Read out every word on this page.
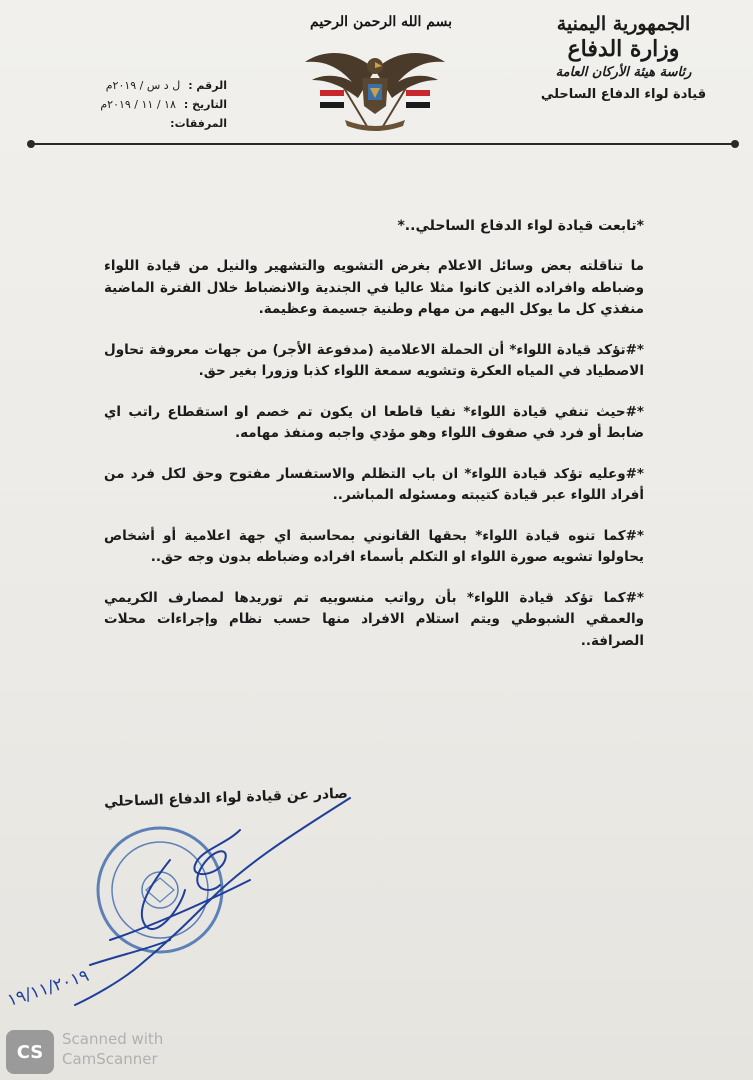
بسم الله الرحمن الرحيم	الجمهورية اليمنية
وزارة الدفاع
رئاسة هيئة الأركان العامة
قيادة لواء الدفاع الساحلي
الرقم :
ل د س / ٢٠١٩م
التاريخ :
١٨ / ١١ / ٢٠١٩م
المرفقات:
*تابعت قيادة لواء الدفاع الساحلي..*

ما تناقلته بعض وسائل الاعلام بغرض التشويه والتشهير والنيل من قيادة اللواء وضباطه وافراده الذين كانوا مثلا عاليا في الجندية والانضباط خلال الفترة الماضية منفذي كل ما يوكل اليهم من مهام وطنية جسيمة وعظيمة.

*#تؤكد قيادة اللواء* أن الحملة الاعلامية (مدفوعة الأجر) من جهات معروفة تحاول الاصطياد في المياه العكرة وتشويه سمعة اللواء كذبا وزورا بغير حق.

*#حيث تنفي قيادة اللواء* نفيا قاطعا ان يكون تم خصم او استقطاع راتب اي ضابط أو فرد في صفوف اللواء وهو مؤدي واجبه ومنفذ مهامه.

*#وعليه تؤكد قيادة اللواء* ان باب التظلم والاستفسار مفتوح وحق لكل فرد من أفراد اللواء عبر قيادة كتيبته ومسئوله المباشر..

*#كما تنوه قيادة اللواء* بحقها القانوني بمحاسبة اي جهة اعلامية أو أشخاص يحاولوا تشويه صورة اللواء او التكلم بأسماء افراده وضباطه بدون وجه حق..

*#كما تؤكد قيادة اللواء* بأن رواتب منسوبيه تم توريدها لمصارف الكريمي والعمقي الشبوطي ويتم استلام الافراد منها حسب نظام وإجراءات محلات الصرافة..

صادر عن قيادة لواء الدفاع الساحلي
١٩/١١/٢٠١٩
CS
Scanned with
CamScanner
